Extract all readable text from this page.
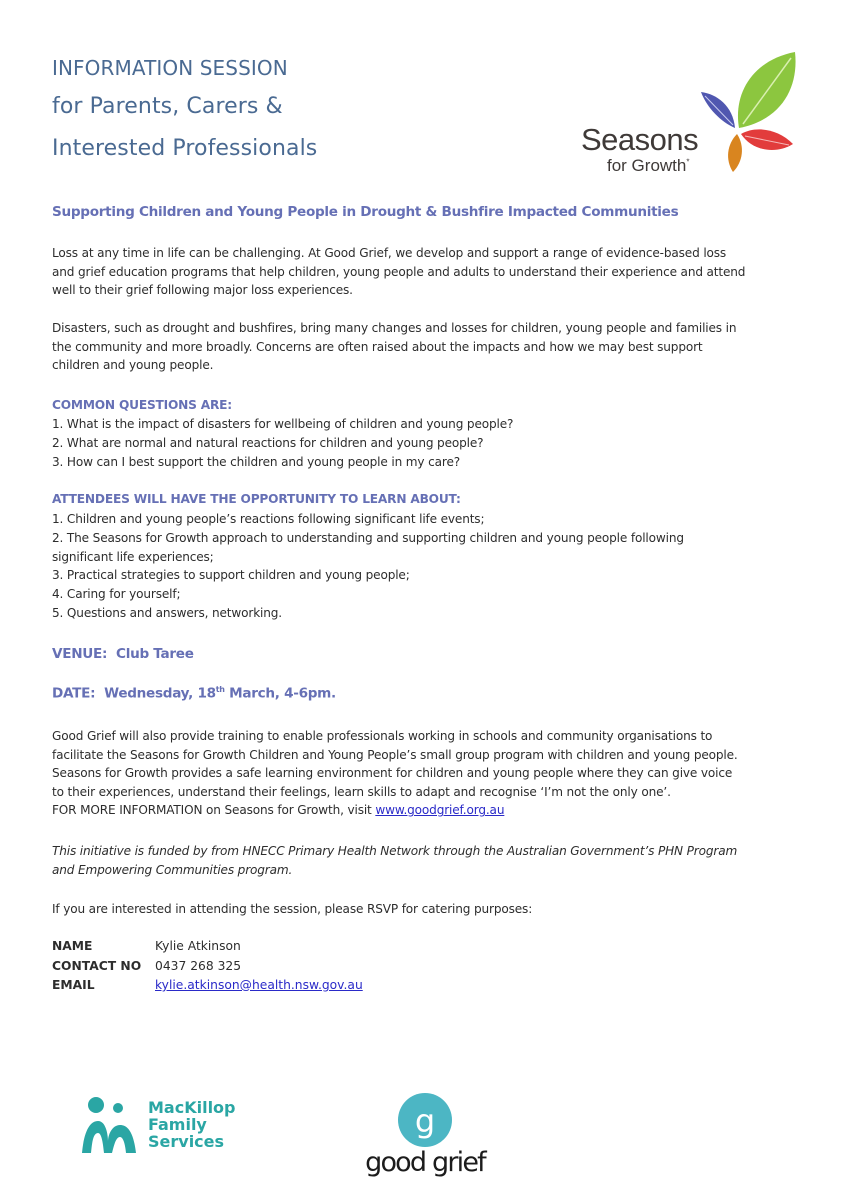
INFORMATION SESSION
for Parents, Carers &
Interested Professionals	Seasons
for Growth*
Supporting Children and Young People in Drought & Bushfire Impacted Communities
Loss at any time in life can be challenging. At Good Grief, we develop and support a range of evidence-based loss
and grief education programs that help children, young people and adults to understand their experience and attend
well to their grief following major loss experiences.
Disasters, such as drought and bushfires, bring many changes and losses for children, young people and families in
the community and more broadly. Concerns are often raised about the impacts and how we may best support
children and young people.
COMMON QUESTIONS ARE:
1. What is the impact of disasters for wellbeing of children and young people?
2. What are normal and natural reactions for children and young people?
3. How can I best support the children and young people in my care?
ATTENDEES WILL HAVE THE OPPORTUNITY TO LEARN ABOUT:
1. Children and young people’s reactions following significant life events;
2. The Seasons for Growth approach to understanding and supporting children and young people following
significant life experiences;
3. Practical strategies to support children and young people;
4. Caring for yourself;
5. Questions and answers, networking.
VENUE: Club Taree
DATE: Wednesday, 18th March, 4-6pm.
Good Grief will also provide training to enable professionals working in schools and community organisations to
facilitate the Seasons for Growth Children and Young People’s small group program with children and young people.
Seasons for Growth provides a safe learning environment for children and young people where they can give voice
to their experiences, understand their feelings, learn skills to adapt and recognise ‘I’m not the only one’.
FOR MORE INFORMATION on Seasons for Growth, visit www.goodgrief.org.au
This initiative is funded by from HNECC Primary Health Network through the Australian Government’s PHN Program
and Empowering Communities program.
If you are interested in attending the session, please RSVP for catering purposes:
NAME	Kylie Atkinson
CONTACT NO	0437 268 325
EMAIL	kylie.atkinson@health.nsw.gov.au
MacKillop
Family
Services
g
good grief
